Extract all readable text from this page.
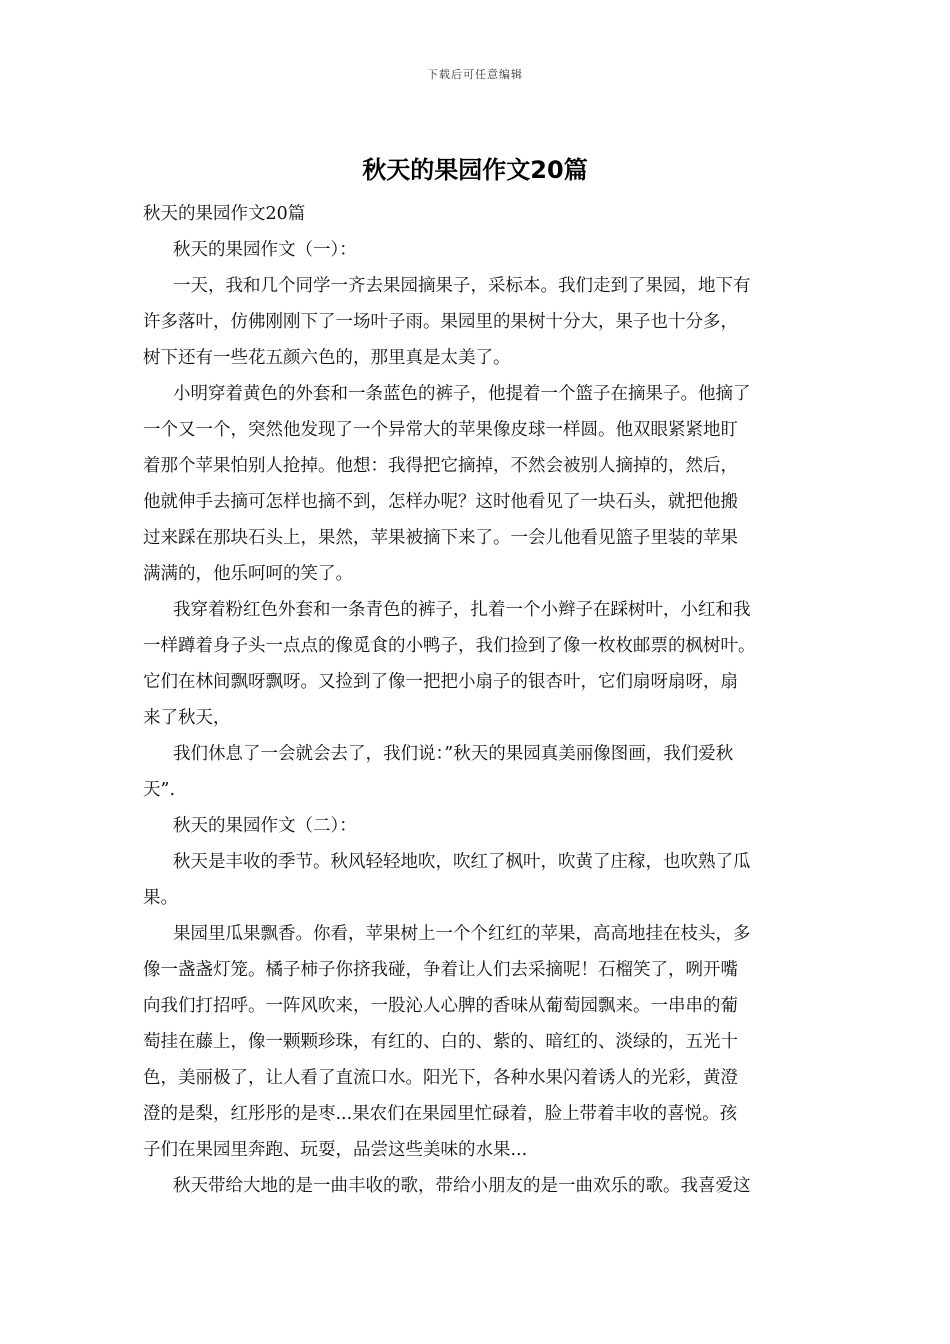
下载后可任意编辑
秋天的果园作文20篇
秋天的果园作文20篇
秋天的果园作文（一）：
一天，我和几个同学一齐去果园摘果子，采标本。我们走到了果园，地下有
许多落叶，仿佛刚刚下了一场叶子雨。果园里的果树十分大，果子也十分多，
树下还有一些花五颜六色的，那里真是太美了。
小明穿着黄色的外套和一条蓝色的裤子，他提着一个篮子在摘果子。他摘了
一个又一个，突然他发现了一个异常大的苹果像皮球一样圆。他双眼紧紧地盯
着那个苹果怕别人抢掉。他想：我得把它摘掉，不然会被别人摘掉的，然后，
他就伸手去摘可怎样也摘不到，怎样办呢？这时他看见了一块石头，就把他搬
过来踩在那块石头上，果然，苹果被摘下来了。一会儿他看见篮子里装的苹果
满满的，他乐呵呵的笑了。
我穿着粉红色外套和一条青色的裤子，扎着一个小辫子在踩树叶，小红和我
一样蹲着身子头一点点的像觅食的小鸭子，我们捡到了像一枚枚邮票的枫树叶。
它们在林间飘呀飘呀。又捡到了像一把把小扇子的银杏叶，它们扇呀扇呀，扇
来了秋天，
我们休息了一会就会去了，我们说：”秋天的果园真美丽像图画，我们爱秋
天”.
秋天的果园作文（二）：
秋天是丰收的季节。秋风轻轻地吹，吹红了枫叶，吹黄了庄稼，也吹熟了瓜
果。
果园里瓜果飘香。你看，苹果树上一个个红红的苹果，高高地挂在枝头，多
像一盏盏灯笼。橘子柿子你挤我碰，争着让人们去采摘呢！石榴笑了，咧开嘴
向我们打招呼。一阵风吹来，一股沁人心脾的香味从葡萄园飘来。一串串的葡
萄挂在藤上，像一颗颗珍珠，有红的、白的、紫的、暗红的、淡绿的，五光十
色，美丽极了，让人看了直流口水。阳光下，各种水果闪着诱人的光彩，黄澄
澄的是梨，红彤彤的是枣...果农们在果园里忙碌着，脸上带着丰收的喜悦。孩
子们在果园里奔跑、玩耍，品尝这些美味的水果...
秋天带给大地的是一曲丰收的歌，带给小朋友的是一曲欢乐的歌。我喜爱这
